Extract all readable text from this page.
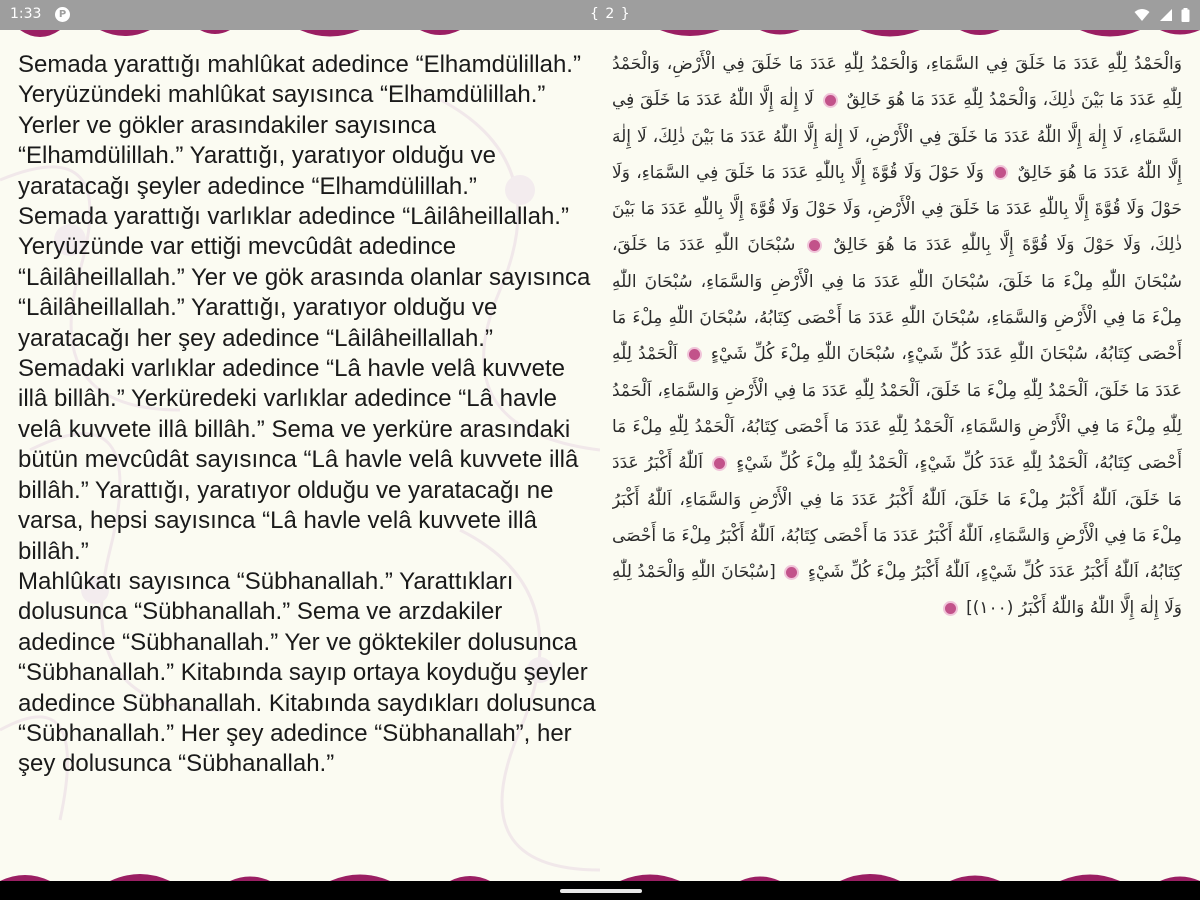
1:33	P	{ 2 }

Semada yarattığı mahlûkat adedince “Elhamdülillah.” Yeryüzündeki mahlûkat sayısınca “Elhamdülillah.” Yerler ve gökler arasındakiler sayısınca “Elhamdülillah.” Yarattığı, yaratıyor olduğu ve yaratacağı şeyler adedince “Elhamdülillah.”

Semada yarattığı varlıklar adedince “Lâilâheillallah.” Yeryüzünde var ettiği mevcûdât adedince “Lâilâheillallah.” Yer ve gök arasında olanlar sayısınca “Lâilâheillallah.” Yarattığı, yaratıyor olduğu ve yaratacağı her şey adedince “Lâilâheillallah.”

Semadaki varlıklar adedince “Lâ havle velâ kuvvete illâ billâh.” Yerküredeki varlıklar adedince “Lâ havle velâ kuvvete illâ billâh.” Sema ve yerküre arasındaki bütün mevcûdât sayısınca “Lâ havle velâ kuvvete illâ billâh.” Yarattığı, yaratıyor olduğu ve yaratacağı ne varsa, hepsi sayısınca “Lâ havle velâ kuvvete illâ billâh.”

Mahlûkatı sayısınca “Sübhanallah.” Yarattıkları dolusunca “Sübhanallah.” Sema ve arzdakiler adedince “Sübhanallah.” Yer ve göktekiler dolusunca “Sübhanallah.” Kitabında sayıp ortaya koyduğu şeyler adedince Sübhanallah. Kitabında saydıkları dolusunca “Sübhanallah.” Her şey adedince “Sübhanallah”, her şey dolusunca “Sübhanallah.”

وَالْحَمْدُ لِلّٰهِ عَدَدَ مَا خَلَقَ فِي السَّمَاءِ، وَالْحَمْدُ لِلّٰهِ عَدَدَ مَا خَلَقَ فِي الْأَرْضِ، وَالْحَمْدُ لِلّٰهِ عَدَدَ مَا بَيْنَ ذٰلِكَ، وَالْحَمْدُ لِلّٰهِ عَدَدَ مَا هُوَ خَالِقٌ  لَا إِلٰهَ إِلَّا اللّٰهُ عَدَدَ مَا خَلَقَ فِي السَّمَاءِ، لَا إِلٰهَ إِلَّا اللّٰهُ عَدَدَ مَا خَلَقَ فِي الْأَرْضِ، لَا إِلٰهَ إِلَّا اللّٰهُ عَدَدَ مَا بَيْنَ ذٰلِكَ، لَا إِلٰهَ إِلَّا اللّٰهُ عَدَدَ مَا هُوَ خَالِقٌ  وَلَا حَوْلَ وَلَا قُوَّةَ إِلَّا بِاللّٰهِ عَدَدَ مَا خَلَقَ فِي السَّمَاءِ، وَلَا حَوْلَ وَلَا قُوَّةَ إِلَّا بِاللّٰهِ عَدَدَ مَا خَلَقَ فِي الْأَرْضِ، وَلَا حَوْلَ وَلَا قُوَّةَ إِلَّا بِاللّٰهِ عَدَدَ مَا بَيْنَ ذٰلِكَ، وَلَا حَوْلَ وَلَا قُوَّةَ إِلَّا بِاللّٰهِ عَدَدَ مَا هُوَ خَالِقٌ  سُبْحَانَ اللّٰهِ عَدَدَ مَا خَلَقَ، سُبْحَانَ اللّٰهِ مِلْءَ مَا خَلَقَ، سُبْحَانَ اللّٰهِ عَدَدَ مَا فِي الْأَرْضِ وَالسَّمَاءِ، سُبْحَانَ اللّٰهِ مِلْءَ مَا فِي الْأَرْضِ وَالسَّمَاءِ، سُبْحَانَ اللّٰهِ عَدَدَ مَا أَحْصَى كِتَابُهُ، سُبْحَانَ اللّٰهِ مِلْءَ مَا أَحْصَى كِتَابُهُ، سُبْحَانَ اللّٰهِ عَدَدَ كُلِّ شَيْءٍ، سُبْحَانَ اللّٰهِ مِلْءَ كُلِّ شَيْءٍ  اَلْحَمْدُ لِلّٰهِ عَدَدَ مَا خَلَقَ، اَلْحَمْدُ لِلّٰهِ مِلْءَ مَا خَلَقَ، اَلْحَمْدُ لِلّٰهِ عَدَدَ مَا فِي الْأَرْضِ وَالسَّمَاءِ، اَلْحَمْدُ لِلّٰهِ مِلْءَ مَا فِي الْأَرْضِ وَالسَّمَاءِ، اَلْحَمْدُ لِلّٰهِ عَدَدَ مَا أَحْصَى كِتَابُهُ، اَلْحَمْدُ لِلّٰهِ مِلْءَ مَا أَحْصَى كِتَابُهُ، اَلْحَمْدُ لِلّٰهِ عَدَدَ كُلِّ شَيْءٍ، اَلْحَمْدُ لِلّٰهِ مِلْءَ كُلِّ شَيْءٍ  اَللّٰهُ أَكْبَرُ عَدَدَ مَا خَلَقَ، اَللّٰهُ أَكْبَرُ مِلْءَ مَا خَلَقَ، اَللّٰهُ أَكْبَرُ عَدَدَ مَا فِي الْأَرْضِ وَالسَّمَاءِ، اَللّٰهُ أَكْبَرُ مِلْءَ مَا فِي الْأَرْضِ وَالسَّمَاءِ، اَللّٰهُ أَكْبَرُ عَدَدَ مَا أَحْصَى كِتَابُهُ، اَللّٰهُ أَكْبَرُ مِلْءَ مَا أَحْصَى كِتَابُهُ، اَللّٰهُ أَكْبَرُ عَدَدَ كُلِّ شَيْءٍ، اَللّٰهُ أَكْبَرُ مِلْءَ كُلِّ شَيْءٍ  [سُبْحَانَ اللّٰهِ وَالْحَمْدُ لِلّٰهِ وَلَا إِلٰهَ إِلَّا اللّٰهُ وَاللّٰهُ أَكْبَرُ (١٠٠)]
